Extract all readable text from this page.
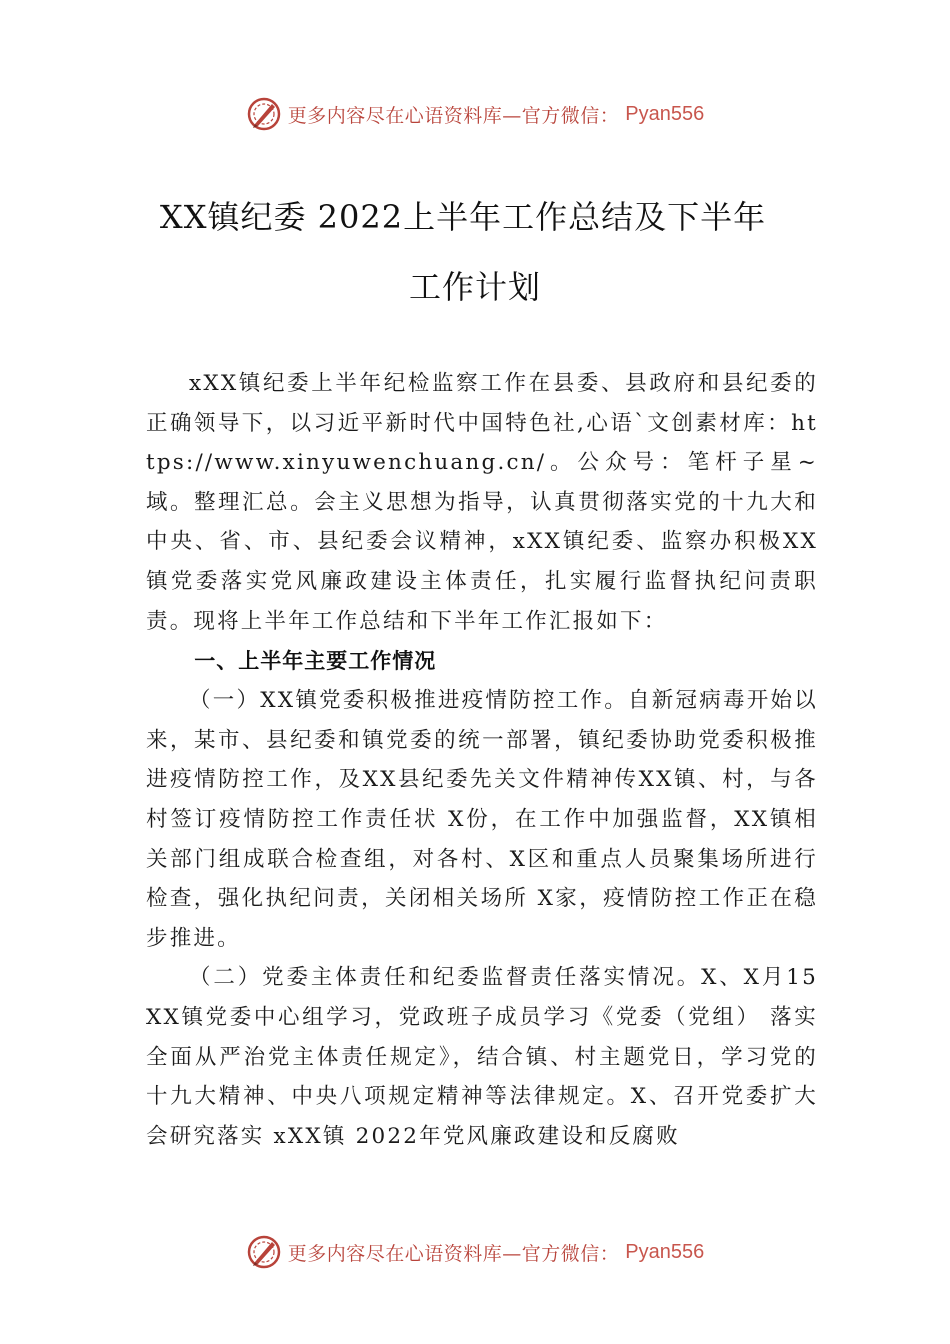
更多内容尽在心语资料库—官方微信： Pyan556
XX镇纪委 2022上半年工作总结及下半年
工作计划

xXX镇纪委上半年纪检监察工作在县委、县政府和县纪委的正确领导下，以习近平新时代中国特色社,心语`文创素材库：https://www.xinyuwenchuang.cn/。公众号：笔杆子星~域。整理汇总。会主义思想为指导，认真贯彻落实党的十九大和中央、省、市、县纪委会议精神，xXX镇纪委、监察办积极XX镇党委落实党风廉政建设主体责任，扎实履行监督执纪问责职责。现将上半年工作总结和下半年工作汇报如下：

一、上半年主要工作情况

（一）XX镇党委积极推进疫情防控工作。自新冠病毒开始以来，某市、县纪委和镇党委的统一部署，镇纪委协助党委积极推进疫情防控工作，及XX县纪委先关文件精神传XX镇、村，与各村签订疫情防控工作责任状 X份，在工作中加强监督，XX镇相关部门组成联合检查组，对各村、X区和重点人员聚集场所进行检查，强化执纪问责，关闭相关场所 X家，疫情防控工作正在稳步推进。

（二）党委主体责任和纪委监督责任落实情况。X、X月15XX镇党委中心组学习，党政班子成员学习《党委（党组） 落实全面从严治党主体责任规定》，结合镇、村主题党日，学习党的十九大精神、中央八项规定精神等法律规定。X、召开党委扩大会研究落实 xXX镇 2022年党风廉政建设和反腐败

更多内容尽在心语资料库—官方微信： Pyan556
